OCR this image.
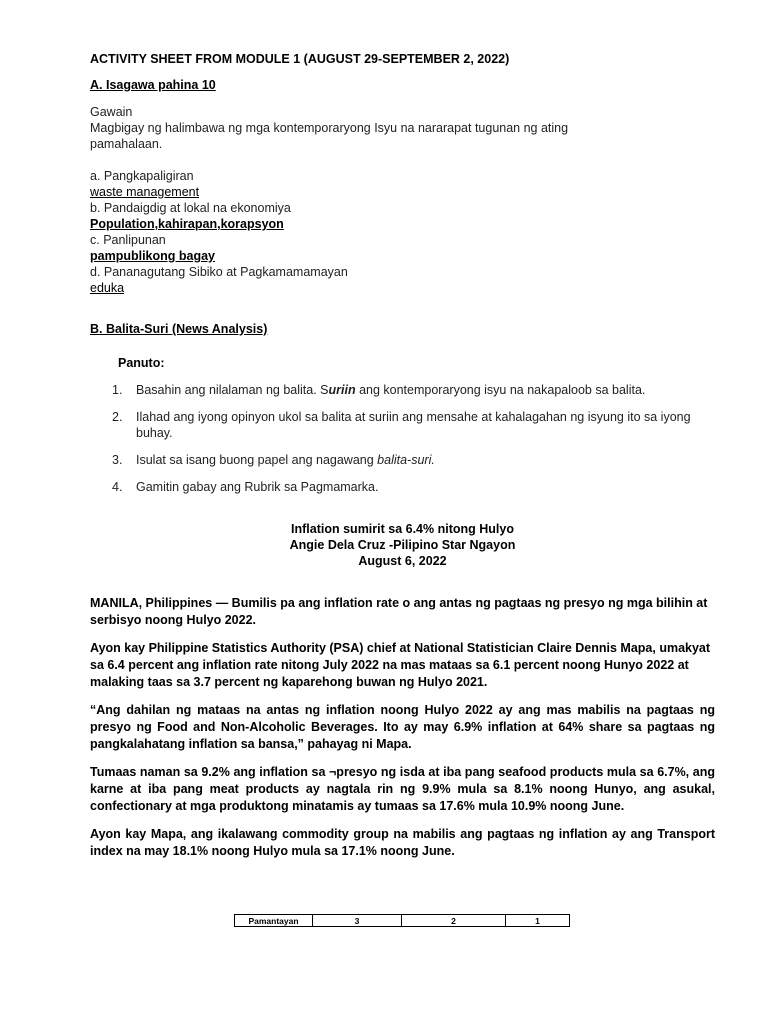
ACTIVITY SHEET FROM MODULE 1 (AUGUST 29-SEPTEMBER 2, 2022)
A. Isagawa pahina 10
Gawain
Magbigay ng halimbawa ng mga kontemporaryong Isyu na nararapat tugunan ng ating pamahalaan.
a. Pangkapaligiran
waste management
b. Pandaigdig at lokal na ekonomiya
Population,kahirapan,korapsyon
c. Panlipunan
pampublikong bagay
d. Pananagutang Sibiko at Pagkamamamayan
eduka
B. Balita-Suri (News Analysis)
Panuto:
1.	Basahin ang nilalaman ng balita. Suriin ang kontemporaryong isyu na nakapaloob sa balita.
2.	Ilahad ang iyong opinyon ukol sa balita at suriin ang mensahe at kahalagahan ng isyung ito sa iyong buhay.
3.	Isulat sa isang buong papel ang nagawang balita-suri.
4.	Gamitin gabay ang Rubrik sa Pagmamarka.
Inflation sumirit sa 6.4% nitong Hulyo
Angie Dela Cruz -Pilipino Star Ngayon
August 6, 2022

MANILA, Philippines — Bumilis pa ang inflation rate o ang antas ng pagtaas ng presyo ng mga bilihin at serbisyo noong Hulyo 2022.

Ayon kay Philippine Statistics Authority (PSA) chief at National Statistician Claire Dennis Mapa, umakyat sa 6.4 percent ang inflation rate nitong July 2022 na mas mataas sa 6.1 percent noong Hunyo 2022 at malaking taas sa 3.7 percent ng kaparehong buwan ng Hulyo 2021.

“Ang dahilan ng mataas na antas ng inflation noong Hulyo 2022 ay ang mas mabilis na pagtaas ng presyo ng Food and Non-Alcoholic Beverages. Ito ay may 6.9% inflation at 64% share sa pagtaas ng pangkalahatang inflation sa bansa,” pahayag ni Mapa.

Tumaas naman sa 9.2% ang inflation sa ¬presyo ng isda at iba pang seafood products mula sa 6.7%, ang karne at iba pang meat products ay nagtala rin ng 9.9% mula sa 8.1% noong Hunyo, ang asukal, confectionary at mga produktong minatamis ay tumaas sa 17.6% mula 10.9% noong June.

Ayon kay Mapa, ang ikalawang commodity group na mabilis ang pagtaas ng inflation ay ang Transport index na may 18.1% noong Hulyo mula sa 17.1% noong June.

Pamantayan	3	2	1
